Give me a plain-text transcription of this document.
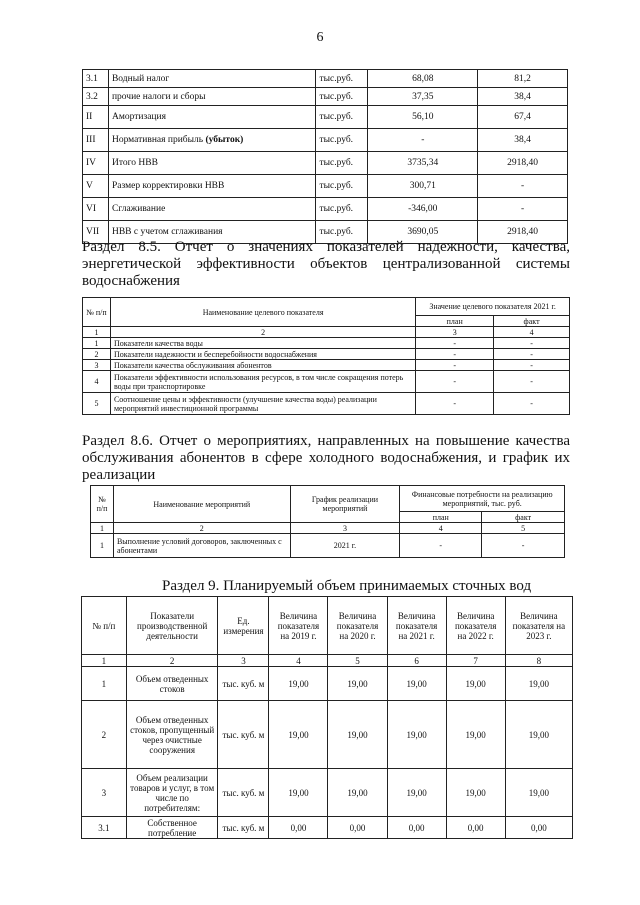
6
3.1	Водный налог	тыс.руб.	68,08	81,2
3.2	прочие налоги и сборы	тыс.руб.	37,35	38,4
II	Амортизация	тыс.руб.	56,10	67,4
III	Нормативная прибыль (убыток)	тыс.руб.	-	38,4
IV	Итого НВВ	тыс.руб.	3735,34	2918,40
V	Размер корректировки НВВ	тыс.руб.	300,71	-
VI	Сглаживание	тыс.руб.	-346,00	-
VII	НВВ с учетом сглаживания	тыс.руб.	3690,05	2918,40
Раздел 8.5. Отчет о значениях показателей надежности, качества,
энергетической эффективности объектов централизованной системы
водоснабжения
№ п/п	Наименование целевого показателя	Значение целевого показателя 2021 г.	
		план	факт
1	2	3	4
1	Показатели качества воды	-	-
2	Показатели надежности и бесперебойности водоснабжения	-	-
3	Показатели качества обслуживания абонентов	-	-
4	Показатели эффективности использования ресурсов, в том числе сокращения потерь воды при транспортировке	-	-
5	Соотношение цены и эффективности (улучшение качества воды) реализации мероприятий инвестиционной программы	-	-
Раздел 8.6. Отчет о мероприятиях, направленных на повышение качества
обслуживания абонентов в сфере холодного водоснабжения, и график их
реализации
№ п/п	Наименование мероприятий	График реализации мероприятий	Финансовые потребности на реализацию мероприятий, тыс. руб.	
			план	факт
1	2	3	4	5
1	Выполнение условий договоров, заключенных с абонентами	2021 г.	-	-
Раздел 9. Планируемый объем принимаемых сточных вод
№ п/п	Показатели производственной деятельности	Ед. измерения	Величина показателя на 2019 г.	Величина показателя на 2020 г.	Величина показателя на 2021 г.	Величина показателя на 2022 г.	Величина показателя на 2023 г.
1	2	3	4	5	6	7	8
1	Объем отведенных стоков	тыс. куб. м	19,00	19,00	19,00	19,00	19,00
2	Объем отведенных стоков, пропущенный через очистные сооружения	тыс. куб. м	19,00	19,00	19,00	19,00	19,00
3	Объем реализации товаров и услуг, в том числе по потребителям:	тыс. куб. м	19,00	19,00	19,00	19,00	19,00
3.1	Собственное потребление	тыс. куб. м	0,00	0,00	0,00	0,00	0,00
